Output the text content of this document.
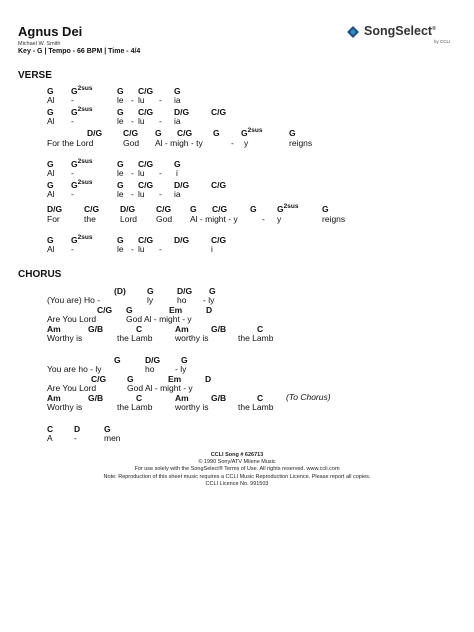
Agnus Dei
Michael W. Smith
Key - G | Tempo - 66 BPM | Time - 4/4
SongSelect®
by CCLI
VERSE
G $G^{2sus}$	G C/G G
Al -	le - lu - ia
G $G^{2sus}$	G C/G D/G	C/G
Al -	le - lu - ia
D/G C/G G C/G G	$G^{2sus}$	G
For the Lord	God Al - migh - ty	- y	reigns
G $G^{2sus}$	G C/G G
Al -	le - lu - i
G $G^{2sus}$	G C/G D/G	C/G
Al -	le - lu - ia
D/G	C/G D/G C/G G C/G	G $G^{2sus}$	G
For	the	Lord God Al - might - y	- y	reigns
G $G^{2sus}$	G C/G D/G	C/G
Al -	le - lu -	i
CHORUS
(D) G	D/G G
(You are) Ho -	ly	ho - ly
C/G G	Em	D
Are You Lord	God Al - might - y
Am	G/B	C	Am	G/B	C
Worthy is	the Lamb	worthy is	the Lamb
G	D/G G
You are ho - ly	ho - ly
C/G G	Em	D
Are You Lord	God Al - might - y
Am	G/B	C	Am	G/B	C	(To Chorus)
Worthy is	the Lamb	worthy is	the Lamb
C D	G
A	-	men
CCLI Song # 626713
© 1990 Sony/ATV Milene Music
For use solely with the SongSelect® Terms of Use. All rights reserved. www.ccli.com
Note: Reproduction of this sheet music requires a CCLI Music Reproduction Licence. Please report all copies.
CCLI Licence No. 991503
